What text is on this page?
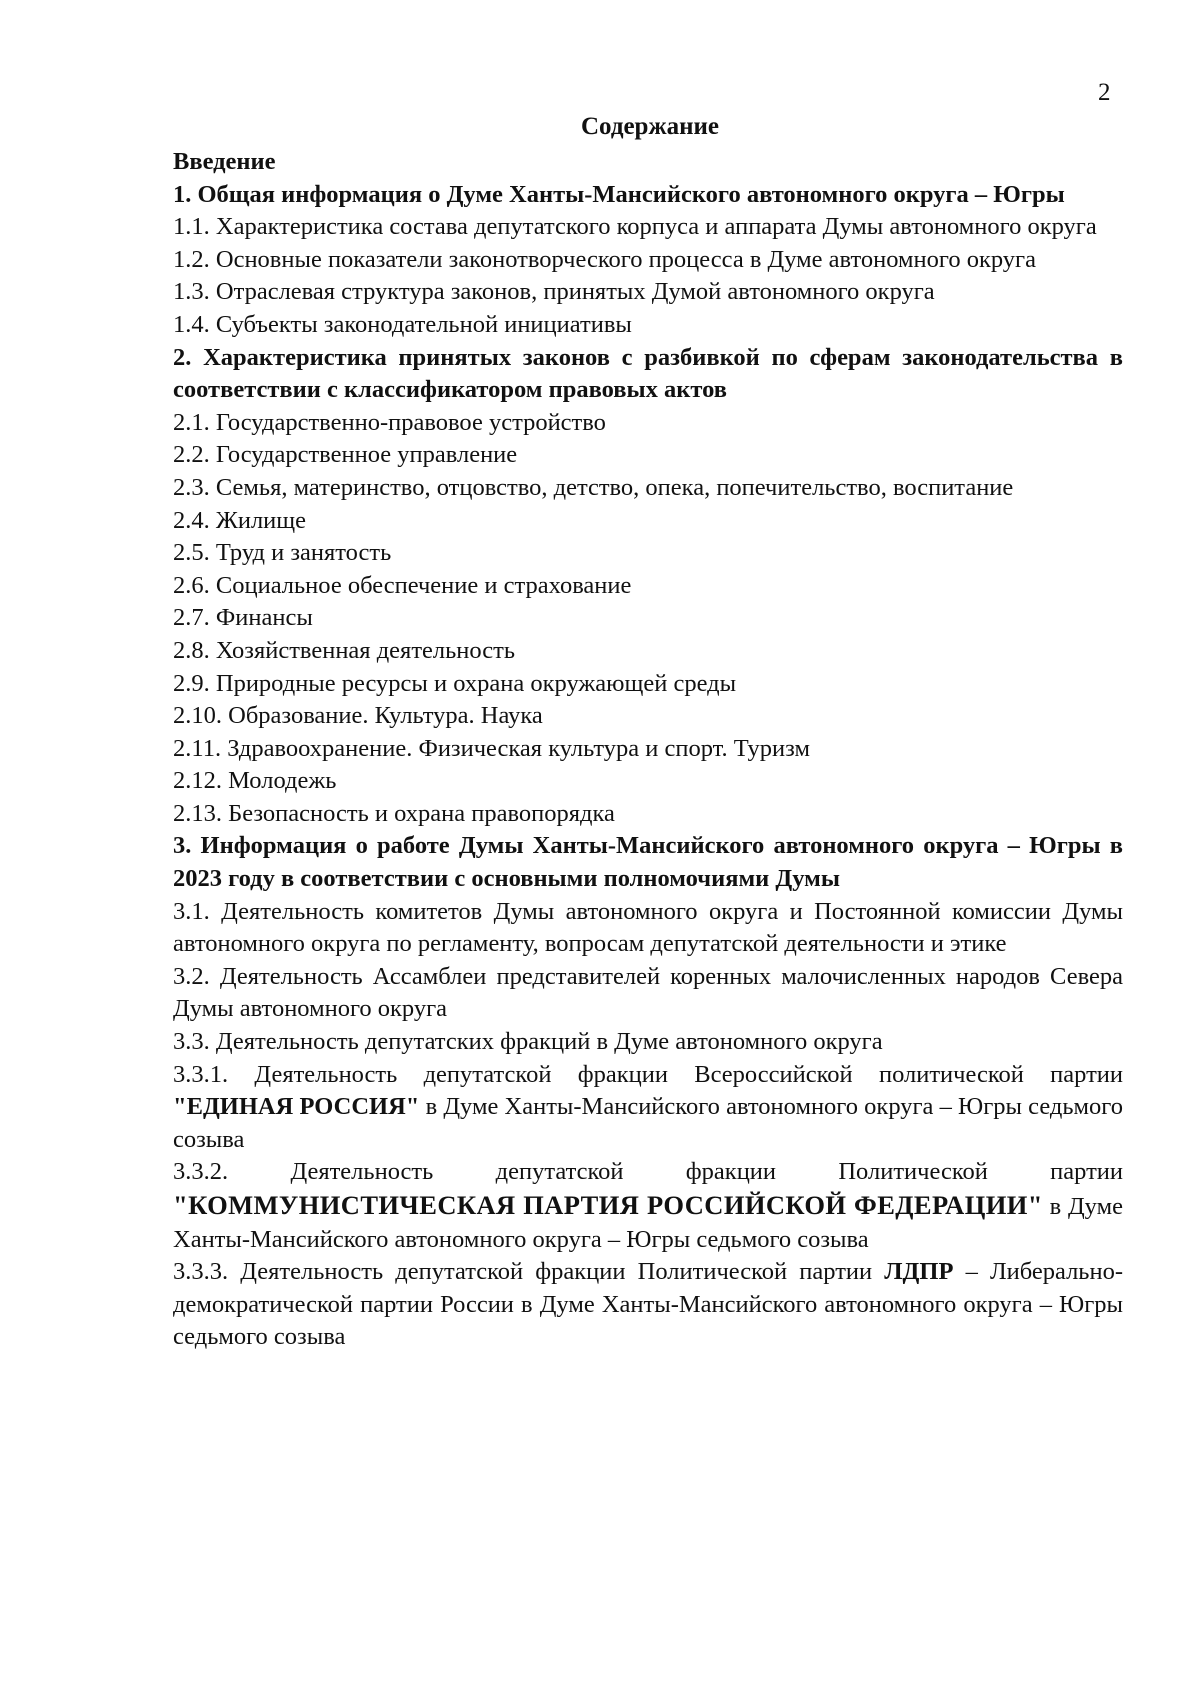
2
Содержание

Введение

1. Общая информация о Думе Ханты-Мансийского автономного округа – Югры

1.1. Характеристика состава депутатского корпуса и аппарата Думы автономного округа

1.2. Основные показатели законотворческого процесса в Думе автономного округа

1.3. Отраслевая структура законов, принятых Думой автономного округа

1.4. Субъекты законодательной инициативы

2. Характеристика принятых законов с разбивкой по сферам законодательства в соответствии с классификатором правовых актов

2.1. Государственно-правовое устройство

2.2. Государственное управление

2.3. Семья, материнство, отцовство, детство, опека, попечительство, воспитание

2.4. Жилище

2.5. Труд и занятость

2.6. Социальное обеспечение и страхование

2.7. Финансы

2.8. Хозяйственная деятельность

2.9. Природные ресурсы и охрана окружающей среды

2.10. Образование. Культура. Наука

2.11. Здравоохранение. Физическая культура и спорт. Туризм

2.12. Молодежь

2.13. Безопасность и охрана правопорядка

3. Информация о работе Думы Ханты-Мансийского автономного округа – Югры в 2023 году в соответствии с основными полномочиями Думы

3.1. Деятельность комитетов Думы автономного округа и Постоянной комиссии Думы автономного округа по регламенту, вопросам депутатской деятельности и этике

3.2. Деятельность Ассамблеи представителей коренных малочисленных народов Севера Думы автономного округа

3.3. Деятельность депутатских фракций в Думе автономного округа

3.3.1. Деятельность депутатской фракции Всероссийской политической партии "ЕДИНАЯ РОССИЯ" в Думе Ханты-Мансийского автономного округа – Югры седьмого созыва

3.3.2. Деятельность депутатской фракции Политической партии "КОММУНИСТИЧЕСКАЯ ПАРТИЯ РОССИЙСКОЙ ФЕДЕРАЦИИ" в Думе Ханты-Мансийского автономного округа – Югры седьмого созыва

3.3.3. Деятельность депутатской фракции Политической партии ЛДПР – Либерально-демократической партии России в Думе Ханты-Мансийского автономного округа – Югры седьмого созыва
